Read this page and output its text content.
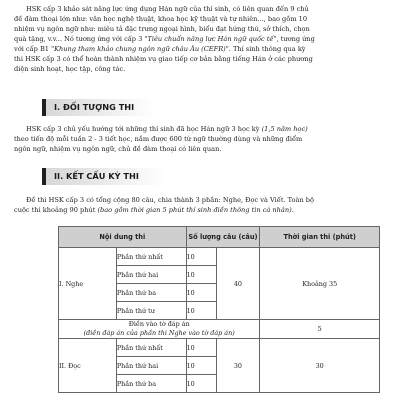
HSK cấp 3 khảo sát năng lực ứng dụng Hán ngữ của thí sinh, có liên quan đến 9 chủ
đề đàm thoại lớn như: văn học nghệ thuật, khoa học kỹ thuật và tự nhiên..., bao gồm 10
nhiệm vụ ngôn ngữ như: miêu tả đặc trưng ngoại hình, biểu đạt hứng thú, sở thích, chọn
quà tặng, v.v... Nó tương ứng với cấp 3 "Tiêu chuẩn năng lực Hán ngữ quốc tế", tương ứng
với cấp B1 "Khung tham khảo chung ngôn ngữ châu Âu (CEFR)". Thí sinh thông qua kỳ
thi HSK cấp 3 có thể hoàn thành nhiệm vụ giao tiếp cơ bản bằng tiếng Hán ở các phương
diện sinh hoạt, học tập, công tác.

I. ĐỐI TƯỢNG THI

HSK cấp 3 chủ yếu hướng tới những thí sinh đã học Hán ngữ 3 học kỳ (1,5 năm học)
theo tiến độ mỗi tuần 2 - 3 tiết học, nắm được 600 từ ngữ thường dùng và những điểm
ngôn ngữ, nhiệm vụ ngôn ngữ, chủ đề đàm thoại có liên quan.

II. KẾT CẤU KỲ THI

Đề thi HSK cấp 3 có tổng cộng 80 câu, chia thành 3 phần: Nghe, Đọc và Viết. Toàn bộ
cuộc thi khoảng 90 phút (bao gồm thời gian 5 phút thí sinh điền thông tin cá nhân).

Nội dung thi		Số lượng câu (câu)		Thời gian thi (phút)
I. Nghe	Phần thứ nhất	10	40	Khoảng 35
	Phần thứ hai	10		
	Phần thứ ba	10		
	Phần thứ tư	10		
Điền vào tờ đáp án
(điền đáp án của phần thi Nghe vào tờ đáp án)				5
II. Đọc	Phần thứ nhất	10	30	30
	Phần thứ hai	10		
	Phần thứ ba	10		
